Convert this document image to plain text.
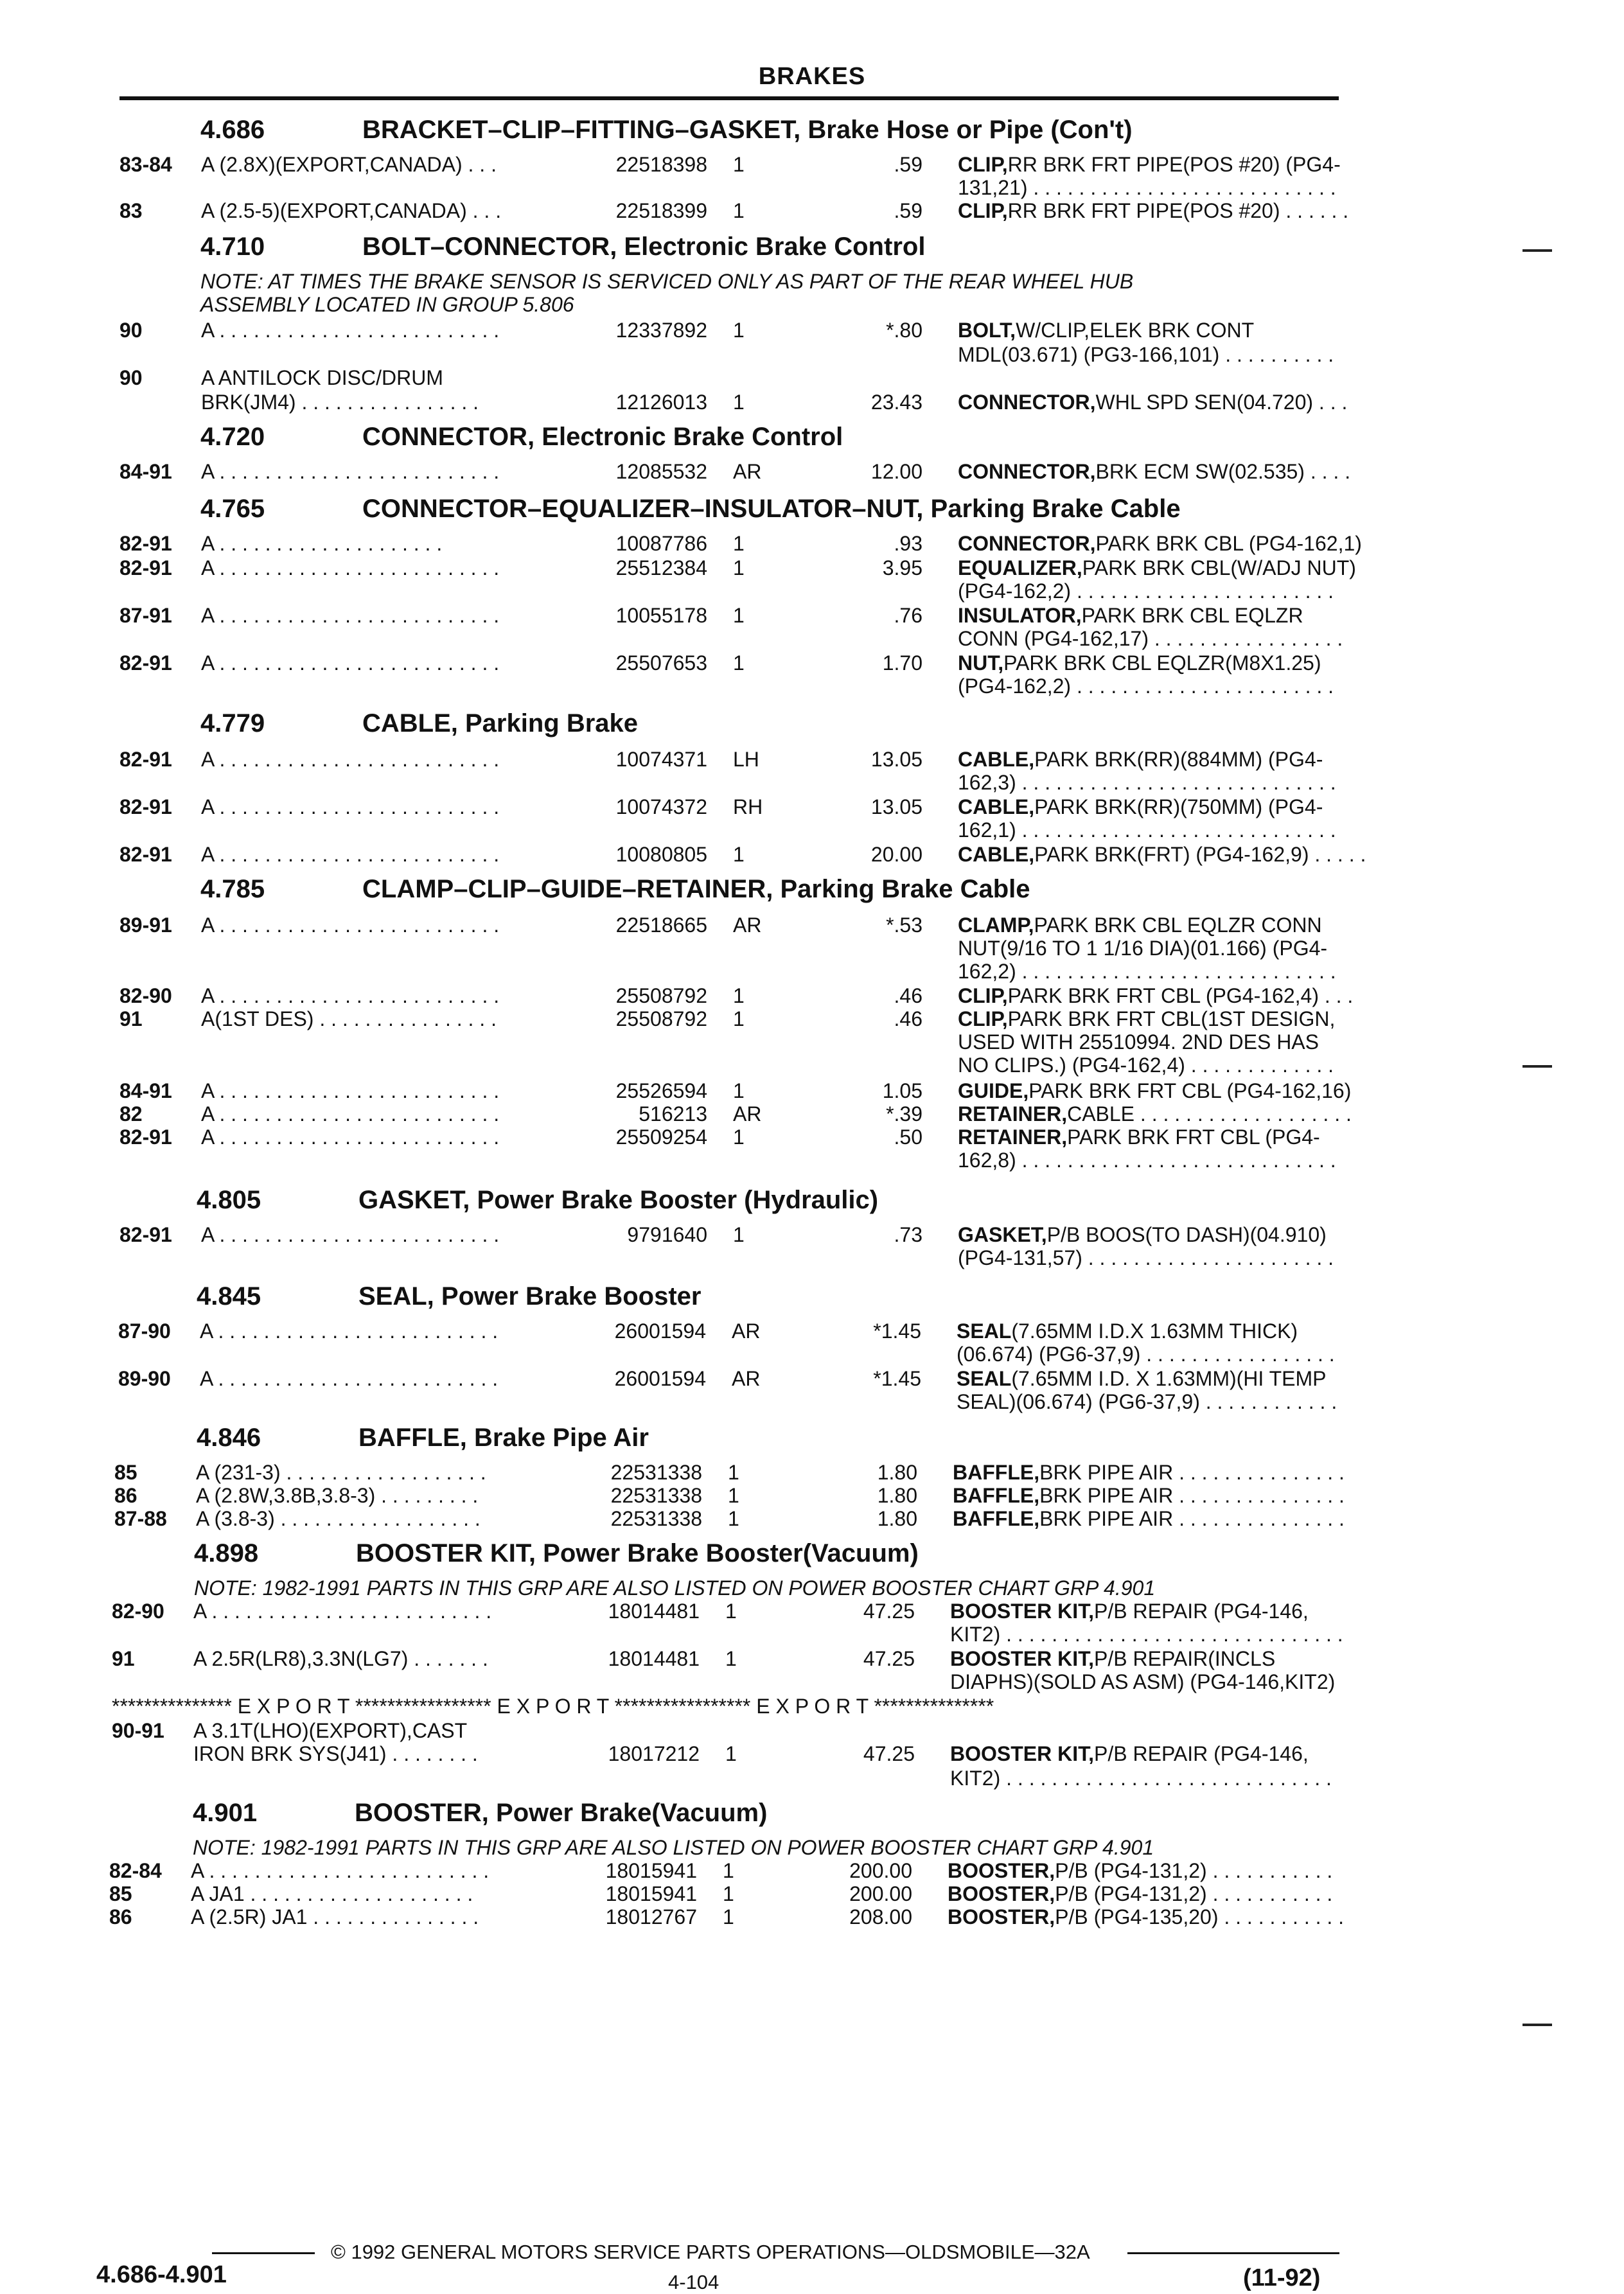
BRAKES
4.686	BRACKET–CLIP–FITTING–GASKET, Brake Hose or Pipe (Con't)
83-84 A (2.8X)(EXPORT,CANADA) . . .	22518398 1	.59 CLIP, RR BRK FRT PIPE(POS #20) (PG4-
131,21) . . . . . . . . . . . . . . . . . . . . . . . . . . .
83	A (2.5-5)(EXPORT,CANADA) . . .	22518399 1	.59 CLIP, RR BRK FRT PIPE(POS #20) . . . . . .
4.710	BOLT–CONNECTOR, Electronic Brake Control
NOTE: AT TIMES THE BRAKE SENSOR IS SERVICED ONLY AS PART OF THE REAR WHEEL HUB
ASSEMBLY LOCATED IN GROUP 5.806
90	A . . . . . . . . . . . . . . . . . . . . . . . . .	12337892 1	*.80 BOLT, W/CLIP,ELEK BRK CONT
MDL(03.671) (PG3-166,101) . . . . . . . . . .
90	A ANTILOCK DISC/DRUM
BRK(JM4) . . . . . . . . . . . . . . . .	12126013 1	23.43 CONNECTOR, WHL SPD SEN(04.720) . . .
4.720	CONNECTOR, Electronic Brake Control
84-91 A . . . . . . . . . . . . . . . . . . . . . . . . .	12085532 AR	12.00 CONNECTOR, BRK ECM SW(02.535) . . . .
4.765	CONNECTOR–EQUALIZER–INSULATOR–NUT, Parking Brake Cable
82-91 A . . . . . . . . . . . . . . . . . . . .	10087786 1	.93 CONNECTOR, PARK BRK CBL (PG4-162,1)
82-91 A . . . . . . . . . . . . . . . . . . . . . . . . .	25512384 1	3.95 EQUALIZER, PARK BRK CBL(W/ADJ NUT)
(PG4-162,2) . . . . . . . . . . . . . . . . . . . . . . .
87-91 A . . . . . . . . . . . . . . . . . . . . . . . . .	10055178 1	.76 INSULATOR, PARK BRK CBL EQLZR
CONN (PG4-162,17) . . . . . . . . . . . . . . . . .
82-91 A . . . . . . . . . . . . . . . . . . . . . . . . .	25507653 1	1.70 NUT, PARK BRK CBL EQLZR(M8X1.25)
(PG4-162,2) . . . . . . . . . . . . . . . . . . . . . . .
4.779	CABLE, Parking Brake
82-91 A . . . . . . . . . . . . . . . . . . . . . . . . .	10074371 LH	13.05 CABLE, PARK BRK(RR)(884MM) (PG4-
162,3) . . . . . . . . . . . . . . . . . . . . . . . . . . . .
82-91 A . . . . . . . . . . . . . . . . . . . . . . . . .	10074372 RH	13.05 CABLE, PARK BRK(RR)(750MM) (PG4-
162,1) . . . . . . . . . . . . . . . . . . . . . . . . . . . .
82-91 A . . . . . . . . . . . . . . . . . . . . . . . . .	10080805 1	20.00 CABLE, PARK BRK(FRT) (PG4-162,9) . . . . .
4.785	CLAMP–CLIP–GUIDE–RETAINER, Parking Brake Cable
89-91 A . . . . . . . . . . . . . . . . . . . . . . . . .	22518665 AR	*.53 CLAMP, PARK BRK CBL EQLZR CONN
NUT(9/16 TO 1 1/16 DIA)(01.166) (PG4-
162,2) . . . . . . . . . . . . . . . . . . . . . . . . . . . .
82-90 A . . . . . . . . . . . . . . . . . . . . . . . . .	25508792 1	.46 CLIP, PARK BRK FRT CBL (PG4-162,4) . . .
91	A(1ST DES) . . . . . . . . . . . . . . . .	25508792 1	.46 CLIP, PARK BRK FRT CBL(1ST DESIGN,
USED WITH 25510994. 2ND DES HAS
NO CLIPS.) (PG4-162,4) . . . . . . . . . . . . .
84-91 A . . . . . . . . . . . . . . . . . . . . . . . . .	25526594 1	1.05 GUIDE, PARK BRK FRT CBL (PG4-162,16)
82	A . . . . . . . . . . . . . . . . . . . . . . . . .	516213 AR	*.39 RETAINER, CABLE . . . . . . . . . . . . . . . . . . .
82-91 A . . . . . . . . . . . . . . . . . . . . . . . . .	25509254 1	.50 RETAINER, PARK BRK FRT CBL (PG4-
162,8) . . . . . . . . . . . . . . . . . . . . . . . . . . . .
4.805	GASKET, Power Brake Booster (Hydraulic)
82-91 A . . . . . . . . . . . . . . . . . . . . . . . . .	9791640 1	.73 GASKET, P/B BOOS(TO DASH)(04.910)
(PG4-131,57) . . . . . . . . . . . . . . . . . . . . . .
4.845	SEAL, Power Brake Booster
87-90 A . . . . . . . . . . . . . . . . . . . . . . . . .	26001594 AR	*1.45 SEAL (7.65MM I.D.X 1.63MM THICK)
(06.674) (PG6-37,9) . . . . . . . . . . . . . . . . .
89-90 A . . . . . . . . . . . . . . . . . . . . . . . . .	26001594 AR	*1.45 SEAL (7.65MM I.D. X 1.63MM)(HI TEMP
SEAL)(06.674) (PG6-37,9) . . . . . . . . . . . .
4.846	BAFFLE, Brake Pipe Air
85	A (231-3) . . . . . . . . . . . . . . . . . .	22531338 1	1.80 BAFFLE, BRK PIPE AIR . . . . . . . . . . . . . . .
86	A (2.8W,3.8B,3.8-3) . . . . . . . . .	22531338 1	1.80 BAFFLE, BRK PIPE AIR . . . . . . . . . . . . . . .
87-88 A (3.8-3) . . . . . . . . . . . . . . . . . .	22531338 1	1.80 BAFFLE, BRK PIPE AIR . . . . . . . . . . . . . . .
4.898	BOOSTER KIT, Power Brake Booster(Vacuum)
NOTE: 1982-1991 PARTS IN THIS GRP ARE ALSO LISTED ON POWER BOOSTER CHART GRP 4.901
82-90 A . . . . . . . . . . . . . . . . . . . . . . . . .	18014481 1	47.25 BOOSTER KIT, P/B REPAIR (PG4-146,
KIT2) . . . . . . . . . . . . . . . . . . . . . . . . . . . . . .
91	A 2.5R(LR8),3.3N(LG7) . . . . . . .	18014481 1	47.25 BOOSTER KIT, P/B REPAIR(INCLS
DIAPHS)(SOLD AS ASM) (PG4-146,KIT2)
*************** E X P O R T ***************** E X P O R T ***************** E X P O R T ***************
90-91 A 3.1T(LHO)(EXPORT),CAST
IRON BRK SYS(J41) . . . . . . . .	18017212 1	47.25 BOOSTER KIT, P/B REPAIR (PG4-146,
KIT2) . . . . . . . . . . . . . . . . . . . . . . . . . . . . .
4.901	BOOSTER, Power Brake(Vacuum)
NOTE: 1982-1991 PARTS IN THIS GRP ARE ALSO LISTED ON POWER BOOSTER CHART GRP 4.901
82-84 A . . . . . . . . . . . . . . . . . . . . . . . . .	18015941 1	200.00 BOOSTER, P/B (PG4-131,2) . . . . . . . . . . .
85	A JA1 . . . . . . . . . . . . . . . . . . . .	18015941 1	200.00 BOOSTER, P/B (PG4-131,2) . . . . . . . . . . .
86	A (2.5R) JA1 . . . . . . . . . . . . . . .	18012767 1	208.00 BOOSTER, P/B (PG4-135,20) . . . . . . . . . . .
© 1992 GENERAL MOTORS SERVICE PARTS OPERATIONS—OLDSMOBILE—32A
4.686-4.901	4-104	(11-92)
